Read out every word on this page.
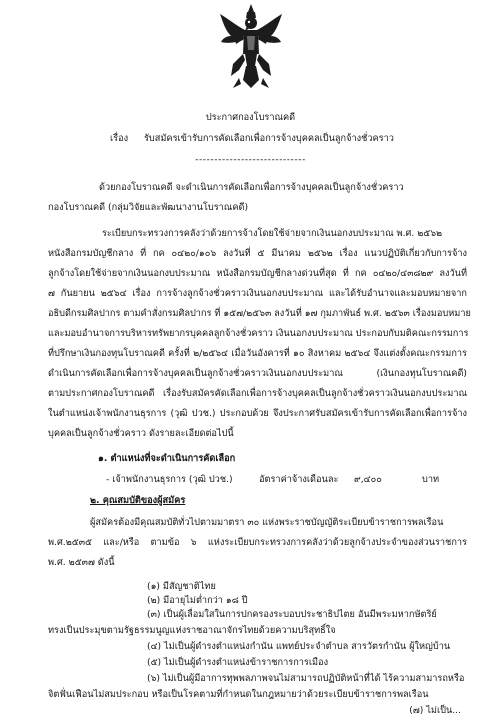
ประกาศกองโบราณคดี
เรื่อง รับสมัครเข้ารับการคัดเลือกเพื่อการจ้างบุคคลเป็นลูกจ้างชั่วคราว
-----------------------------
ด้วยกองโบราณคดี จะดำเนินการคัดเลือกเพื่อการจ้างบุคคลเป็นลูกจ้างชั่วคราว
กองโบราณคดี (กลุ่มวิจัยและพัฒนางานโบราณคดี)
ระเบียบกระทรวงการคลังว่าด้วยการจ้างโดยใช้จ่ายจากเงินนอกงบประมาณ พ.ศ. ๒๕๖๒
หนังสือกรมบัญชีกลาง ที่ กค ๐๔๒๐/๑๐๖ ลงวันที่ ๕ มีนาคม ๒๕๖๒ เรื่อง แนวปฏิบัติเกี่ยวกับการจ้าง
ลูกจ้างโดยใช้จ่ายจากเงินนอกงบประมาณ หนังสือกรมบัญชีกลางด่วนที่สุด ที่ กค ๐๔๒๐/๔๓๘๒๙ ลงวันที่
๗ กันยายน ๒๕๖๔ เรื่อง การจ้างลูกจ้างชั่วคราวเงินนอกงบประมาณ และได้รับอำนาจและมอบหมายจาก
อธิบดีกรมศิลปากร ตามคำสั่งกรมศิลปากร ที่ ๑๕๗/๒๕๖๓ ลงวันที่ ๑๗ กุมภาพันธ์ พ.ศ. ๒๕๖๓ เรื่องมอบหมาย
และมอบอำนาจการบริหารทรัพยากรบุคคลลูกจ้างชั่วคราว เงินนอกงบประมาณ ประกอบกับมติคณะกรรมการ
ที่ปรึกษาเงินกองทุนโบราณคดี ครั้งที่ ๒/๒๕๖๔ เมื่อวันอังคารที่ ๑๐ สิงหาคม ๒๕๖๔ จึงแต่งตั้งคณะกรรมการ
ดำเนินการคัดเลือกเพื่อการจ้างบุคคลเป็นลูกจ้างชั่วคราวเงินนอกงบประมาณ (เงินกองทุนโบราณคดี)
ตามประกาศกองโบราณคดี เรื่องรับสมัครคัดเลือกเพื่อการจ้างบุคคลเป็นลูกจ้างชั่วคราวเงินนอกงบประมาณ
ในตำแหน่งเจ้าพนักงานธุรการ (วุฒิ ปวช.) ประกอบด้วย จึงประกาศรับสมัครเข้ารับการคัดเลือกเพื่อการจ้าง
บุคคลเป็นลูกจ้างชั่วคราว ดังรายละเอียดต่อไปนี้
๑. ตำแหน่งที่จะดำเนินการคัดเลือก
- เจ้าพนักงานธุรการ (วุฒิ ปวช.)	อัตราค่าจ้างเดือนละ ๙,๔๐๐	บาท
๒. คุณสมบัติของผู้สมัคร
ผู้สมัครต้องมีคุณสมบัติทั่วไปตามมาตรา ๓๐ แห่งพระราชบัญญัติระเบียบข้าราชการพลเรือน
พ.ศ.๒๕๓๕ และ/หรือ ตามข้อ ๖ แห่งระเบียบกระทรวงการคลังว่าด้วยลูกจ้างประจำของส่วนราชการ
พ.ศ. ๒๕๓๗ ดังนี้
(๑) มีสัญชาติไทย
(๒) มีอายุไม่ต่ำกว่า ๑๘ ปี
(๓) เป็นผู้เลื่อมใสในการปกครองระบอบประชาธิปไตย อันมีพระมหากษัตริย์
ทรงเป็นประมุขตามรัฐธรรมนูญแห่งราชอาณาจักรไทยด้วยความบริสุทธิ์ใจ
(๔) ไม่เป็นผู้ดำรงตำแหน่งกำนัน แพทย์ประจำตำบล สารวัตรกำนัน ผู้ใหญ่บ้าน
(๕) ไม่เป็นผู้ดำรงตำแหน่งข้าราชการการเมือง
(๖) ไม่เป็นผู้มีอาการทุพพลภาพจนไม่สามารถปฏิบัติหน้าที่ได้ ไร้ความสามารถหรือ
จิตฟั่นเฟือนไม่สมประกอบ หรือเป็นโรคตามที่กำหนดในกฎหมายว่าด้วยระเบียบข้าราชการพลเรือน
(๗) ไม่เป็น...
